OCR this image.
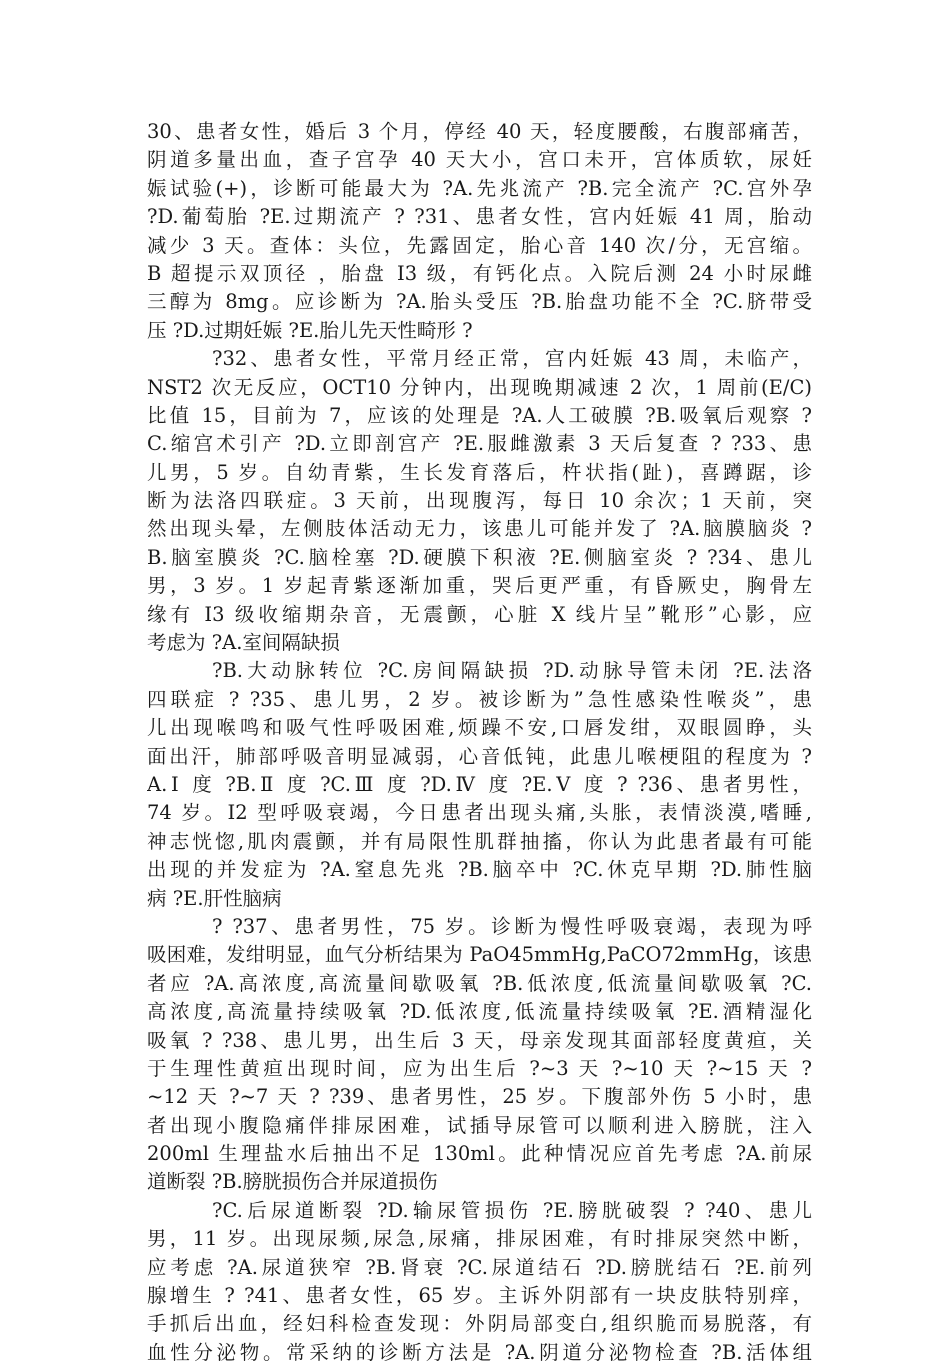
30、患者女性，婚后 3 个月，停经 40 天，轻度腰酸，右腹部痛苦，
阴道多量出血，查子宫孕 40 天大小，宫口未开，宫体质软，尿妊
娠试验(+)，诊断可能最大为 ?A.先兆流产 ?B.完全流产 ?C.宫外孕
?D.葡萄胎 ?E.过期流产 ? ?31、患者女性，宫内妊娠 41 周，胎动
减少 3 天。查体：头位，先露固定，胎心音 140 次/分，无宫缩。
B 超提示双顶径 ，胎盘 I3 级，有钙化点。入院后测 24 小时尿雌
三醇为 8mg。应诊断为 ?A.胎头受压 ?B.胎盘功能不全 ?C.脐带受
压 ?D.过期妊娠 ?E.胎儿先天性畸形 ?
?32、患者女性，平常月经正常，宫内妊娠 43 周，未临产，
NST2 次无反应，OCT10 分钟内，出现晚期减速 2 次，1 周前(E/C)
比值 15，目前为 7，应该的处理是 ?A.人工破膜 ?B.吸氧后观察 ?
C.缩宫术引产 ?D.立即剖宫产 ?E.服雌激素 3 天后复查 ? ?33、患
儿男，5 岁。自幼青紫，生长发育落后，杵状指(趾)，喜蹲踞，诊
断为法洛四联症。3 天前，出现腹泻，每日 10 余次；1 天前，突
然出现头晕，左侧肢体活动无力，该患儿可能并发了 ?A.脑膜脑炎 ?
B.脑室膜炎 ?C.脑栓塞 ?D.硬膜下积液 ?E.侧脑室炎 ? ?34、患儿
男，3 岁。1 岁起青紫逐渐加重，哭后更严重，有昏厥史，胸骨左
缘有 I3 级收缩期杂音，无震颤，心脏 X 线片呈”靴形”心影，应
考虑为 ?A.室间隔缺损
?B.大动脉转位 ?C.房间隔缺损 ?D.动脉导管未闭 ?E.法洛
四联症 ? ?35、患儿男，2 岁。被诊断为”急性感染性喉炎”，患
儿出现喉鸣和吸气性呼吸困难,烦躁不安,口唇发绀，双眼圆睁，头
面出汗，肺部呼吸音明显减弱，心音低钝，此患儿喉梗阻的程度为 ?
A.Ⅰ 度 ?B.Ⅱ 度 ?C.Ⅲ 度 ?D.Ⅳ 度 ?E.Ⅴ 度 ? ?36、患者男性，
74 岁。I2 型呼吸衰竭，今日患者出现头痛,头胀，表情淡漠,嗜睡,
神志恍惚,肌肉震颤，并有局限性肌群抽搐，你认为此患者最有可能
出现的并发症为 ?A.窒息先兆 ?B.脑卒中 ?C.休克早期 ?D.肺性脑
病 ?E.肝性脑病
? ?37、患者男性，75 岁。诊断为慢性呼吸衰竭，表现为呼
吸困难，发绀明显，血气分析结果为 PaO45mmHg,PaCO72mmHg，该患
者应 ?A.高浓度,高流量间歇吸氧 ?B.低浓度,低流量间歇吸氧 ?C.
高浓度,高流量持续吸氧 ?D.低浓度,低流量持续吸氧 ?E.酒精湿化
吸氧 ? ?38、患儿男，出生后 3 天，母亲发现其面部轻度黄疸，关
于生理性黄疸出现时间，应为出生后 ?~3 天 ?~10 天 ?~15 天 ?
~12 天 ?~7 天 ? ?39、患者男性，25 岁。下腹部外伤 5 小时，患
者出现小腹隐痛伴排尿困难，试插导尿管可以顺利进入膀胱，注入
200ml 生理盐水后抽出不足 130ml。此种情况应首先考虑 ?A.前尿
道断裂 ?B.膀胱损伤合并尿道损伤
?C.后尿道断裂 ?D.输尿管损伤 ?E.膀胱破裂 ? ?40、患儿
男，11 岁。出现尿频,尿急,尿痛，排尿困难，有时排尿突然中断，
应考虑 ?A.尿道狭窄 ?B.肾衰 ?C.尿道结石 ?D.膀胱结石 ?E.前列
腺增生 ? ?41、患者女性，65 岁。主诉外阴部有一块皮肤特别痒，
手抓后出血，经妇科检查发现：外阴局部变白,组织脆而易脱落，有
血性分泌物。常采纳的诊断方法是 ?A.阴道分泌物检查 ?B.活体组
